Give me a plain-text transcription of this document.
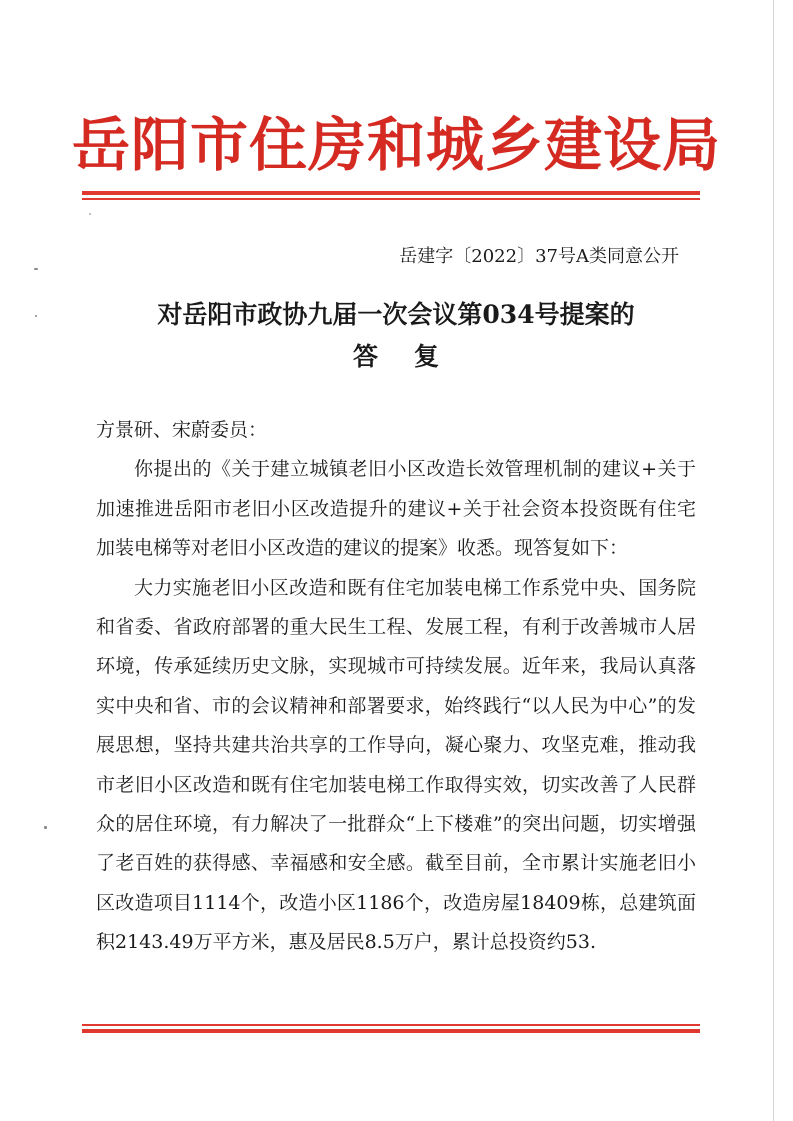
岳阳市住房和城乡建设局
岳建字〔2022〕37号A类同意公开
对岳阳市政协九届一次会议第034号提案的
答复

方景研、宋蔚委员：

你提出的《关于建立城镇老旧小区改造长效管理机制的建议+关于加速推进岳阳市老旧小区改造提升的建议+关于社会资本投资既有住宅加装电梯等对老旧小区改造的建议的提案》收悉。现答复如下：

大力实施老旧小区改造和既有住宅加装电梯工作系党中央、国务院和省委、省政府部署的重大民生工程、发展工程，有利于改善城市人居环境，传承延续历史文脉，实现城市可持续发展。近年来，我局认真落实中央和省、市的会议精神和部署要求，始终践行“以人民为中心”的发展思想，坚持共建共治共享的工作导向，凝心聚力、攻坚克难，推动我市老旧小区改造和既有住宅加装电梯工作取得实效，切实改善了人民群众的居住环境，有力解决了一批群众“上下楼难”的突出问题，切实增强了老百姓的获得感、幸福感和安全感。截至目前，全市累计实施老旧小区改造项目1114个，改造小区1186个，改造房屋18409栋，总建筑面积2143.49万平方米，惠及居民8.5万户，累计总投资约53.
